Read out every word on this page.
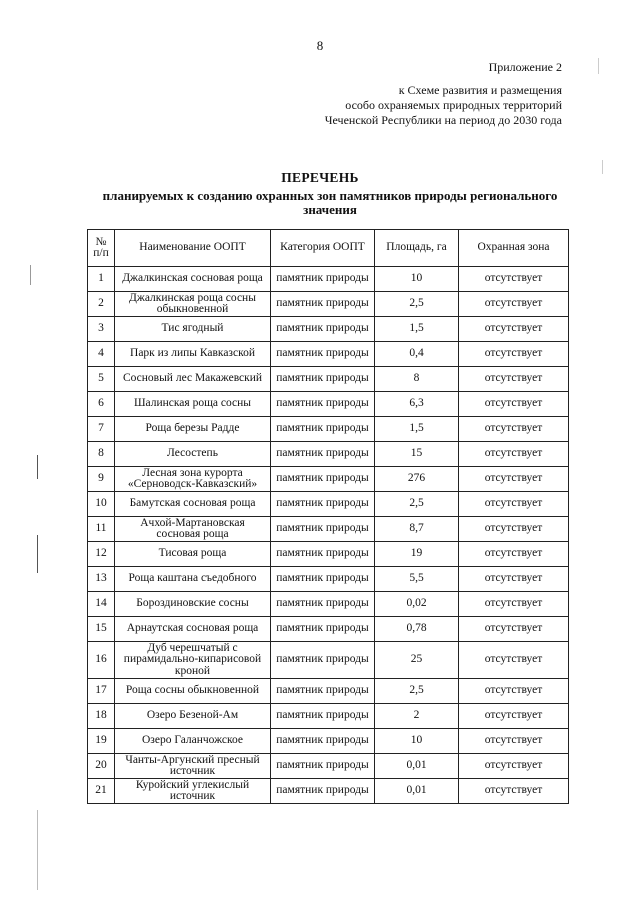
8
Приложение 2
к Схеме развития и размещения
особо охраняемых природных территорий
Чеченской Республики на период до 2030 года
ПЕРЕЧЕНЬ
планируемых к созданию охранных зон памятников природы регионального значения
№ п/п	Наименование ООПТ	Категория ООПТ	Площадь, га	Охранная зона
1	Джалкинская сосновая роща	памятник природы	10	отсутствует
2	Джалкинская роща сосны обыкновенной	памятник природы	2,5	отсутствует
3	Тис ягодный	памятник природы	1,5	отсутствует
4	Парк из липы Кавказской	памятник природы	0,4	отсутствует
5	Сосновый лес Макажевский	памятник природы	8	отсутствует
6	Шалинская роща сосны	памятник природы	6,3	отсутствует
7	Роща березы Радде	памятник природы	1,5	отсутствует
8	Лесостепь	памятник природы	15	отсутствует
9	Лесная зона курорта «Серноводск-Кавказский»	памятник природы	276	отсутствует
10	Бамутская сосновая роща	памятник природы	2,5	отсутствует
11	Ачхой-Мартановская сосновая роща	памятник природы	8,7	отсутствует
12	Тисовая роща	памятник природы	19	отсутствует
13	Роща каштана съедобного	памятник природы	5,5	отсутствует
14	Бороздиновские сосны	памятник природы	0,02	отсутствует
15	Арнаутская сосновая роща	памятник природы	0,78	отсутствует
16	Дуб черешчатый с пирамидально-кипарисовой кроной	памятник природы	25	отсутствует
17	Роща сосны обыкновенной	памятник природы	2,5	отсутствует
18	Озеро Безеной-Ам	памятник природы	2	отсутствует
19	Озеро Галанчожское	памятник природы	10	отсутствует
20	Чанты-Аргунский пресный источник	памятник природы	0,01	отсутствует
21	Куройский углекислый источник	памятник природы	0,01	отсутствует
